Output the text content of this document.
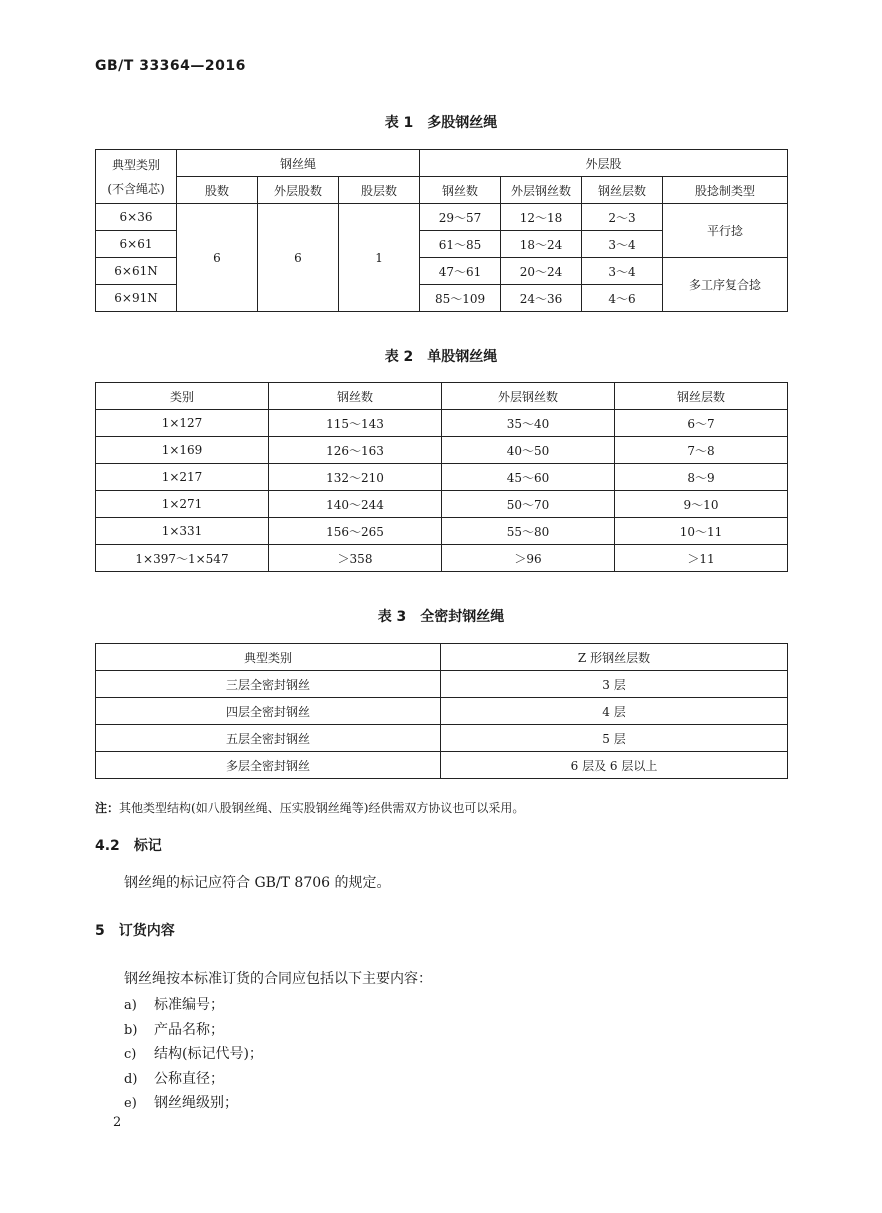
GB/T 33364—2016
表 1　多股钢丝绳
典型类别
(不含绳芯)	钢丝绳			外层股			
	股数	外层股数	股层数	钢丝数	外层钢丝数	钢丝层数	股捻制类型
6×36	6	6	1	29～57	12～18	2～3	平行捻
6×61				61～85	18～24	3～4	
6×61N				47～61	20～24	3～4	多工序复合捻
6×91N				85～109	24～36	4～6	
表 2　单股钢丝绳
类别	钢丝数	外层钢丝数	钢丝层数
1×127	115～143	35～40	6～7
1×169	126～163	40～50	7～8
1×217	132～210	45～60	8～9
1×271	140～244	50～70	9～10
1×331	156～265	55～80	10～11
1×397～1×547	＞358	＞96	＞11
表 3　全密封钢丝绳
典型类别	Z 形钢丝层数
三层全密封钢丝	3 层
四层全密封钢丝	4 层
五层全密封钢丝	5 层
多层全密封钢丝	6 层及 6 层以上
注：其他类型结构(如八股钢丝绳、压实股钢丝绳等)经供需双方协议也可以采用。
4.2 标记
钢丝绳的标记应符合 GB/T 8706 的规定。
5 订货内容
钢丝绳按本标准订货的合同应包括以下主要内容：
a) 标准编号；
b) 产品名称；
c) 结构(标记代号)；
d) 公称直径；
e) 钢丝绳级别；
2
